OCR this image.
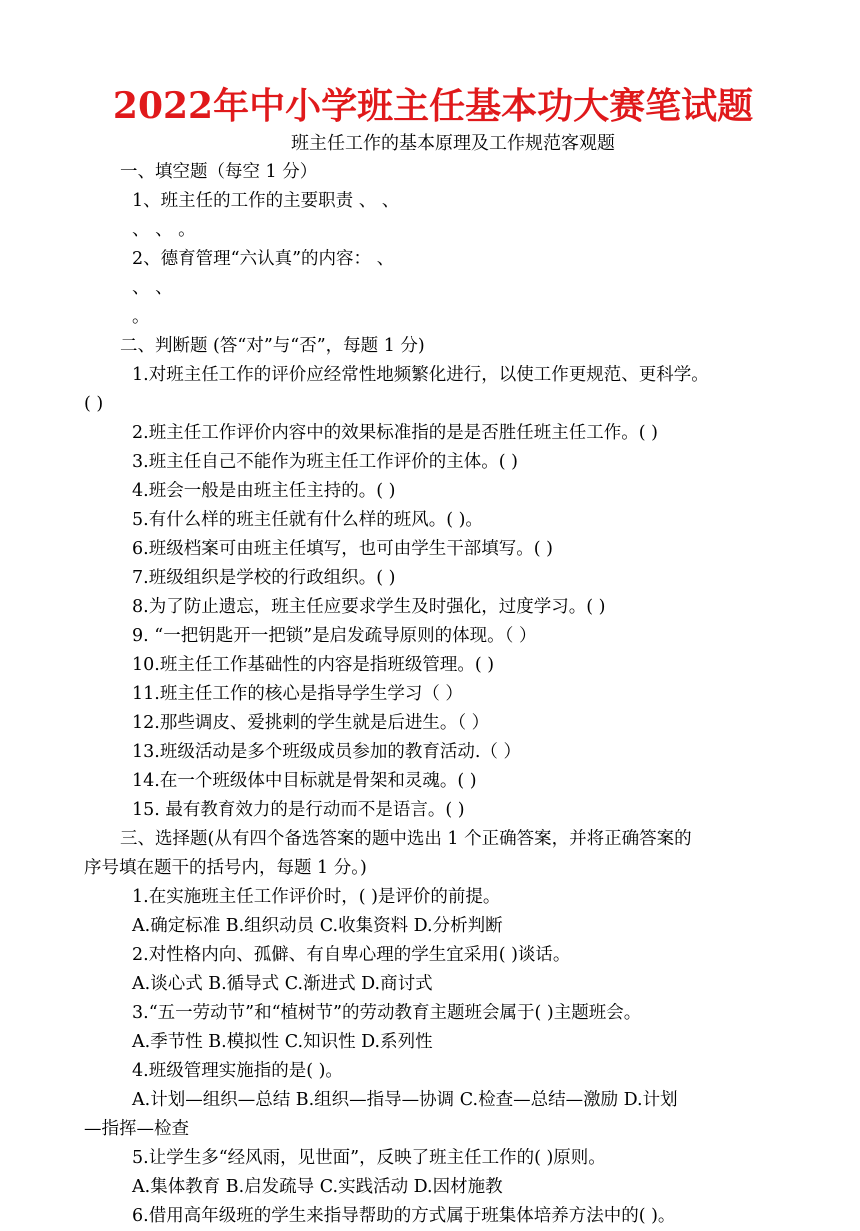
2022年中小学班主任基本功大赛笔试题

班主任工作的基本原理及工作规范客观题

一、填空题（每空 1 分）

1、班主任的工作的主要职责 、 、

、 、 。

2、德育管理“六认真”的内容： 、

、 、

。

二、判断题 (答“对”与“否”，每题 1 分)

1.对班主任工作的评价应经常性地频繁化进行，以使工作更规范、更科学。

( )

2.班主任工作评价内容中的效果标准指的是是否胜任班主任工作。( )
3.班主任自己不能作为班主任工作评价的主体。( )
4.班会一般是由班主任主持的。( )
5.有什么样的班主任就有什么样的班风。( )。
6.班级档案可由班主任填写，也可由学生干部填写。( )
7.班级组织是学校的行政组织。( )
8.为了防止遗忘，班主任应要求学生及时强化，过度学习。( )
9. “一把钥匙开一把锁”是启发疏导原则的体现。（ ）
10.班主任工作基础性的内容是指班级管理。( )
11.班主任工作的核心是指导学生学习（ ）
12.那些调皮、爱挑刺的学生就是后进生。（ ）
13.班级活动是多个班级成员参加的教育活动.（ ）
14.在一个班级体中目标就是骨架和灵魂。( )
15. 最有教育效力的是行动而不是语言。( )

三、选择题(从有四个备选答案的题中选出 1 个正确答案，并将正确答案的

序号填在题干的括号内，每题 1 分。)

1.在实施班主任工作评价时，( )是评价的前提。

A.确定标准 B.组织动员 C.收集资料 D.分析判断

2.对性格内向、孤僻、有自卑心理的学生宜采用( )谈话。

A.谈心式 B.循导式 C.渐进式 D.商讨式

3.“五一劳动节”和“植树节”的劳动教育主题班会属于( )主题班会。

A.季节性 B.模拟性 C.知识性 D.系列性

4.班级管理实施指的是( )。

A.计划—组织—总结 B.组织—指导—协调 C.检查—总结—激励 D.计划

—指挥—检查

5.让学生多“经风雨，见世面”，反映了班主任工作的( )原则。

A.集体教育 B.启发疏导 C.实践活动 D.因材施教

6.借用高年级班的学生来指导帮助的方式属于班集体培养方法中的( )。
